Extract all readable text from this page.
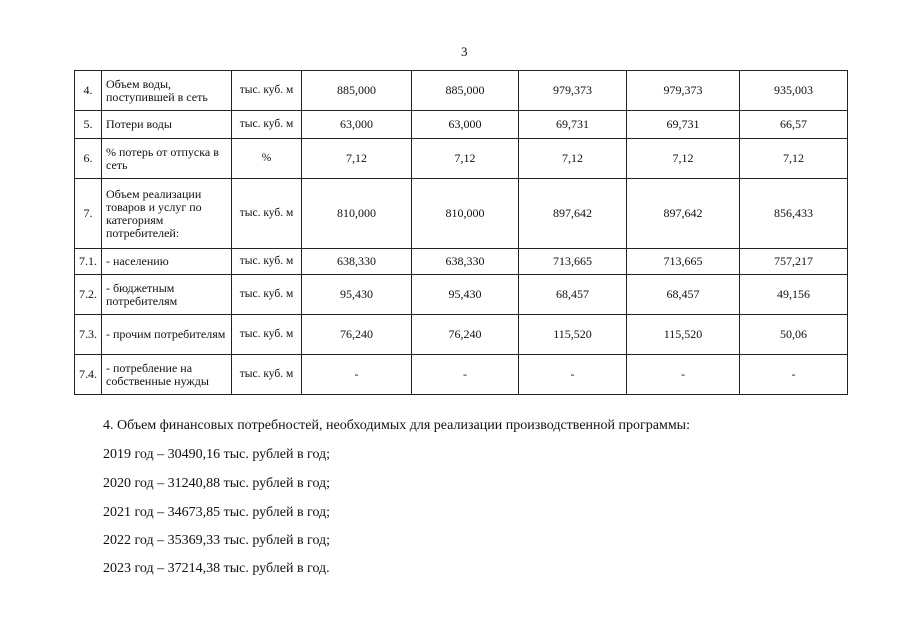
3
4.	Объем воды, поступившей в сеть	тыс. куб. м	885,000	885,000	979,373	979,373	935,003
5.	Потери воды	тыс. куб. м	63,000	63,000	69,731	69,731	66,57
6.	% потерь от отпуска в сеть	%	7,12	7,12	7,12	7,12	7,12
7.	Объем реализации товаров и услуг по категориям потребителей:	тыс. куб. м	810,000	810,000	897,642	897,642	856,433
7.1.	- населению	тыс. куб. м	638,330	638,330	713,665	713,665	757,217
7.2.	- бюджетным потребителям	тыс. куб. м	95,430	95,430	68,457	68,457	49,156
7.3.	- прочим потребителям	тыс. куб. м	76,240	76,240	115,520	115,520	50,06
7.4.	- потребление на собственные нужды	тыс. куб. м	-	-	-	-	-
4. Объем финансовых потребностей, необходимых для реализации производственной программы:
2019 год – 30490,16 тыс. рублей в год;
2020 год – 31240,88 тыс. рублей в год;
2021 год – 34673,85 тыс. рублей в год;
2022 год – 35369,33 тыс. рублей в год;
2023 год – 37214,38 тыс. рублей в год.
